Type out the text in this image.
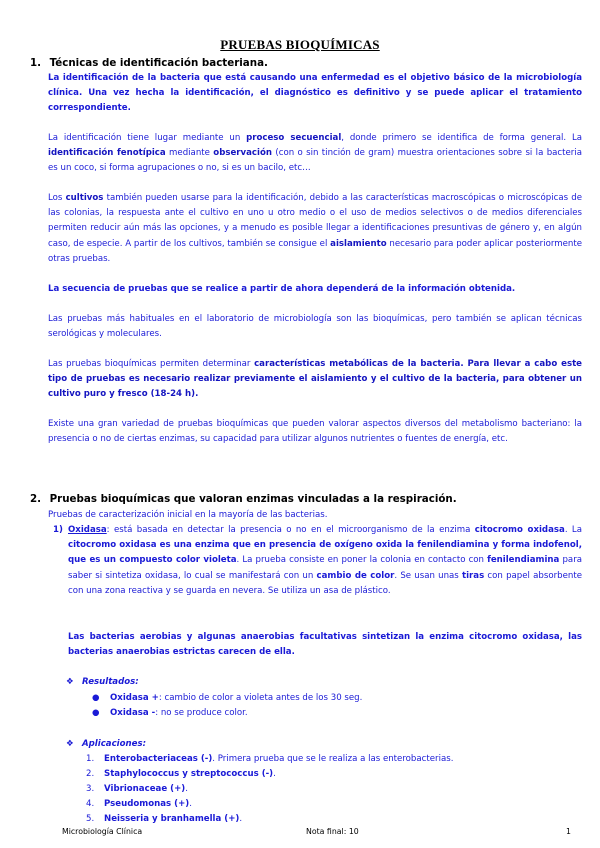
PRUEBAS BIOQUÍMICAS
1. Técnicas de identificación bacteriana.
La identificación de la bacteria que está causando una enfermedad es el objetivo básico de la microbiología clínica. Una vez hecha la identificación, el diagnóstico es definitivo y se puede aplicar el tratamiento correspondiente.
La identificación tiene lugar mediante un proceso secuencial, donde primero se identifica de forma general. La identificación fenotípica mediante observación (con o sin tinción de gram) muestra orientaciones sobre si la bacteria es un coco, si forma agrupaciones o no, si es un bacilo, etc…
Los cultivos también pueden usarse para la identificación, debido a las características macroscópicas o microscópicas de las colonias, la respuesta ante el cultivo en uno u otro medio o el uso de medios selectivos o de medios diferenciales permiten reducir aún más las opciones, y a menudo es posible llegar a identificaciones presuntivas de género y, en algún caso, de especie. A partir de los cultivos, también se consigue el aislamiento necesario para poder aplicar posteriormente otras pruebas.
La secuencia de pruebas que se realice a partir de ahora dependerá de la información obtenida.
Las pruebas más habituales en el laboratorio de microbiología son las bioquímicas, pero también se aplican técnicas serológicas y moleculares.
Las pruebas bioquímicas permiten determinar características metabólicas de la bacteria. Para llevar a cabo este tipo de pruebas es necesario realizar previamente el aislamiento y el cultivo de la bacteria, para obtener un cultivo puro y fresco (18-24 h).
Existe una gran variedad de pruebas bioquímicas que pueden valorar aspectos diversos del metabolismo bacteriano: la presencia o no de ciertas enzimas, su capacidad para utilizar algunos nutrientes o fuentes de energía, etc.
2. Pruebas bioquímicas que valoran enzimas vinculadas a la respiración.
Pruebas de caracterización inicial en la mayoría de las bacterias.
1) Oxidasa: está basada en detectar la presencia o no en el microorganismo de la enzima citocromo oxidasa. La citocromo oxidasa es una enzima que en presencia de oxígeno oxida la fenilendiamina y forma indofenol, que es un compuesto color violeta. La prueba consiste en poner la colonia en contacto con fenilendiamina para saber si sintetiza oxidasa, lo cual se manifestará con un cambio de color. Se usan unas tiras con papel absorbente con una zona reactiva y se guarda en nevera. Se utiliza un asa de plástico.
Las bacterias aerobias y algunas anaerobias facultativas sintetizan la enzima citocromo oxidasa, las bacterias anaerobias estrictas carecen de ella.
❖ Resultados:
● Oxidasa +: cambio de color a violeta antes de los 30 seg.
● Oxidasa -: no se produce color.
❖ Aplicaciones:
1. Enterobacteriaceas (-). Primera prueba que se le realiza a las enterobacterias.
2. Staphylococcus y streptococcus (-).
3. Vibrionaceae (+).
4. Pseudomonas (+).
5. Neisseria y branhamella (+).
Microbiología Clínica	Nota final: 10	1
